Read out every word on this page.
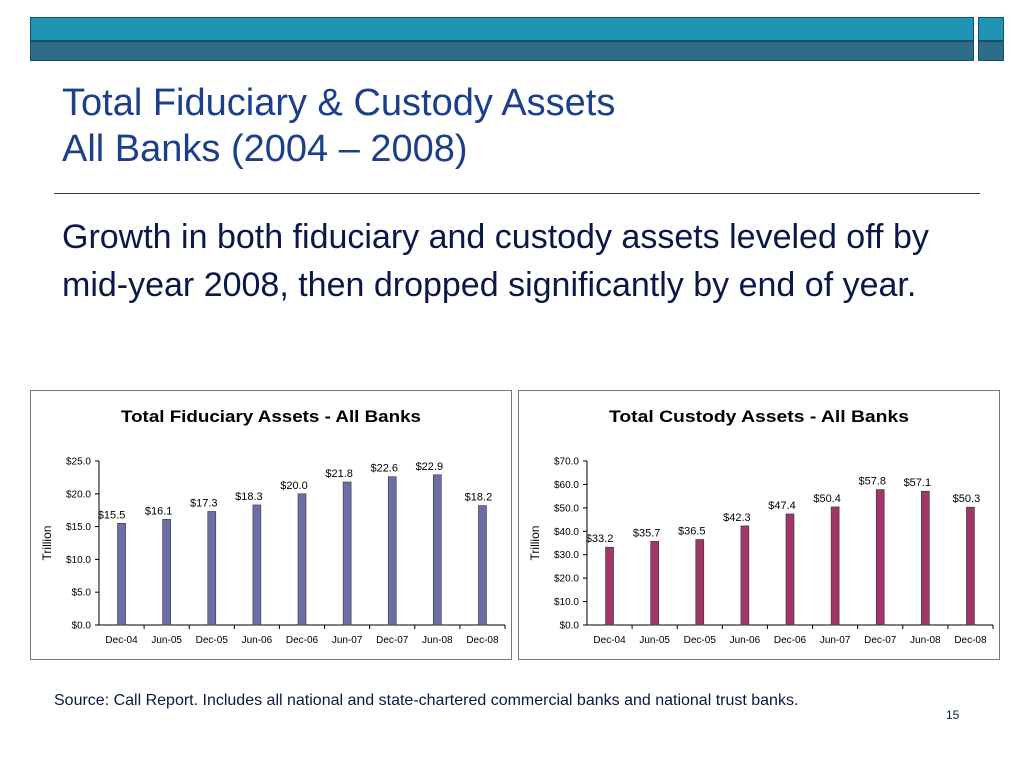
Total Fiduciary & Custody Assets
All Banks (2004 – 2008)
Growth in both fiduciary and custody assets leveled off by mid-year 2008, then dropped significantly by end of year.
Total Fiduciary Assets - All Banks
Trillion
$0.0
$5.0
$10.0
$15.0
$20.0
$25.0
Dec-04
$15.5
Jun-05
$16.1
Dec-05
$17.3
Jun-06
$18.3
Dec-06
$20.0
Jun-07
$21.8
Dec-07
$22.6
Jun-08
$22.9
Dec-08
$18.2
Total Custody Assets - All Banks
Trillion
$0.0
$10.0
$20.0
$30.0
$40.0
$50.0
$60.0
$70.0
Dec-04
$33.2
Jun-05
$35.7
Dec-05
$36.5
Jun-06
$42.3
Dec-06
$47.4
Jun-07
$50.4
Dec-07
$57.8
Jun-08
$57.1
Dec-08
$50.3
Source: Call Report. Includes all national and state-chartered commercial banks and national trust banks.
15
